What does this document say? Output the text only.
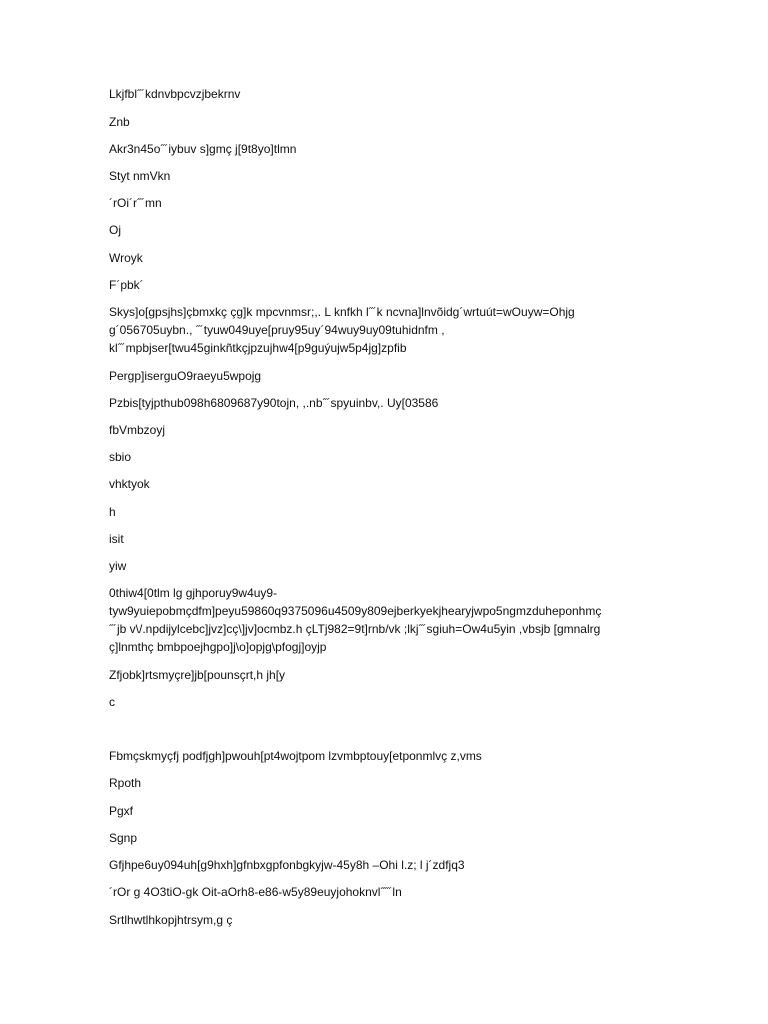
Lkjfbl˝´kdnvbpcvzjbekrnv
Znb
Akr3n45o˝´iybuv s]gmç j[9t8yo]tlmn
Styt nmVkn
´rOi´r˝´mn
Oj
Wroyk
F´pbk´
Skys]o[gpsjhs]çbmxkç çg]k mpcvnmsr;,. L knfkh l˝´k ncvna]lnvõidg´wrtuút=wOuyw=Ohjg
g´056705uybn., ˝´tyuw049uye[pruy95uy´94wuy9uy09tuhidnfm ,
kl˝´mpbjser[twu45ginkñtkçjpzujhw4[p9guýujw5p4jg]zpfib
Pergp]iserguO9raeyu5wpojg
Pzbis[tyjpthub098h6809687y90tojn, ,.nb˝´spyuinbv,. Uy[03586
fbVmbzoyj
sbio
vhktyok
h
isit
yiw
0thiw4[0tlm lg gjhporuy9w4uy9-
tyw9yuiepobmçdfm]peyu59860q9375096u4509y809ejberkyekjhearyjwpo5ngmzduheponhmç
˝´jb v\/.npdijylcebc]jvz]cç\]jv]ocmbz.h çLTj982=9t]rnb/vk ;lkj˝´sgiuh=Ow4u5yin ,vbsjb [gmnalrg
ç]lnmthç bmbpoejhgpo]j\o]opjg\pfogj]oyjp
Zfjobk]rtsmyçre]jb[pounsçrt,h jh[y
c
Fbmçskmyçfj podfjgh]pwouh[pt4wojtpom lzvmbptouy[etponmlvç z,vms
Rpoth
Pgxf
Sgnp
Gfjhpe6uy094uh[g9hxh]gfnbxgpfonbgkyjw-45y8h –Ohi l.z; l j´zdfjq3
´rOr g 4O3tiO-gk Oit-aOrh8-e86-w5y89euyjohoknvl˝˝´ln
Srtlhwtlhkopjhtrsym,g ç
